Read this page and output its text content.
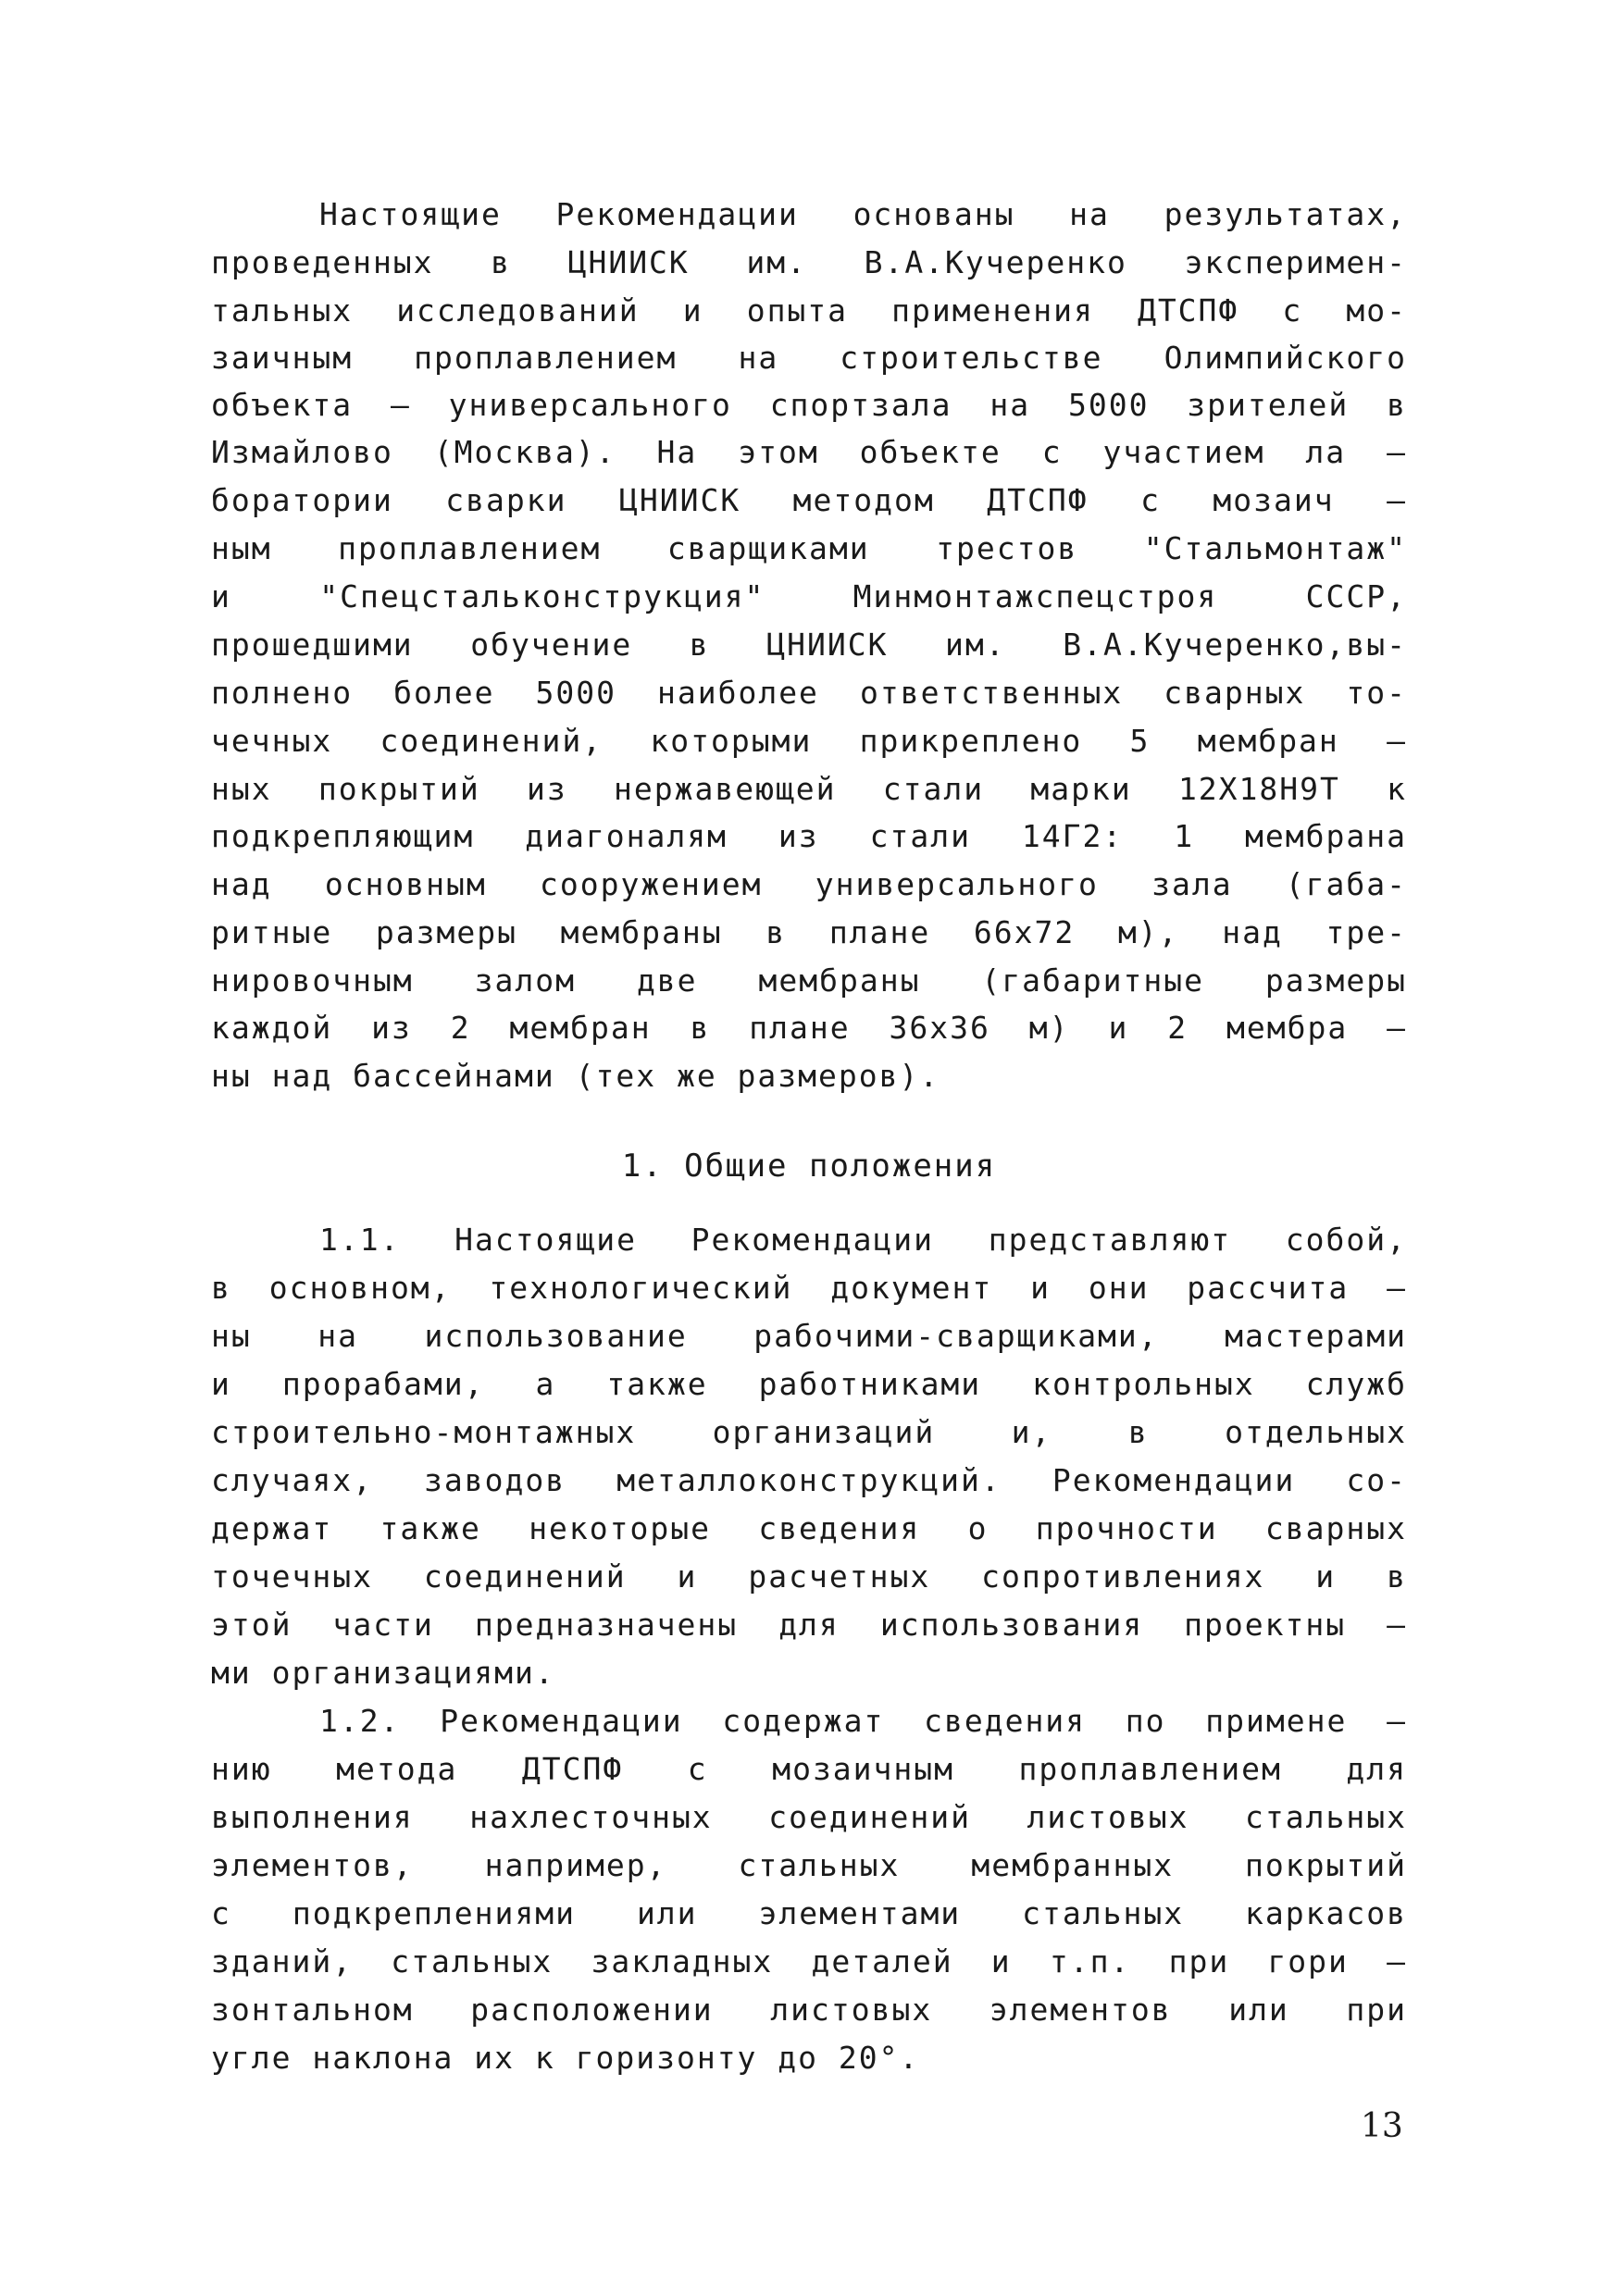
Настоящие Рекомендации основаны на результатах,
проведенных в ЦНИИСК им. В.А.Кучеренко эксперимен-
тальных исследований и опыта применения ДТСПФ с мо-
заичным проплавлением на строительстве Олимпийского
объекта – универсального спортзала на 5000 зрителей в
Измайлово (Москва). На этом объекте с участием ла –
боратории сварки ЦНИИСК методом ДТСПФ с мозаич –
ным проплавлением сварщиками трестов "Стальмонтаж"
и "Спецстальконструкция" Минмонтажспецстроя СССР,
прошедшими обучение в ЦНИИСК им. В.А.Кучеренко,вы-
полнено более 5000 наиболее ответственных сварных то-
чечных соединений, которыми прикреплено 5 мембран –
ных покрытий из нержавеющей стали марки 12Х18Н9Т к
подкрепляющим диагоналям из стали 14Г2: 1 мембрана
над основным сооружением универсального зала (габа-
ритные размеры мембраны в плане 66х72 м), над тре-
нировочным залом две мембраны (габаритные размеры
каждой из 2 мембран в плане 36х36 м) и 2 мембра –
ны над бассейнами (тех же размеров).
1. Общие положения
1.1. Настоящие Рекомендации представляют собой,
в основном, технологический документ и они рассчита –
ны на использование рабочими-сварщиками, мастерами
и прорабами, а также работниками контрольных служб
строительно-монтажных организаций и, в отдельных
случаях, заводов металлоконструкций. Рекомендации со-
держат также некоторые сведения о прочности сварных
точечных соединений и расчетных сопротивлениях и в
этой части предназначены для использования проектны –
ми организациями.
1.2. Рекомендации содержат сведения по примене –
нию метода ДТСПФ с мозаичным проплавлением для
выполнения нахлесточных соединений листовых стальных
элементов, например, стальных мембранных покрытий
с подкреплениями или элементами стальных каркасов
зданий, стальных закладных деталей и т.п. при гори –
зонтальном расположении листовых элементов или при
угле наклона их к горизонту до 20°.
13
